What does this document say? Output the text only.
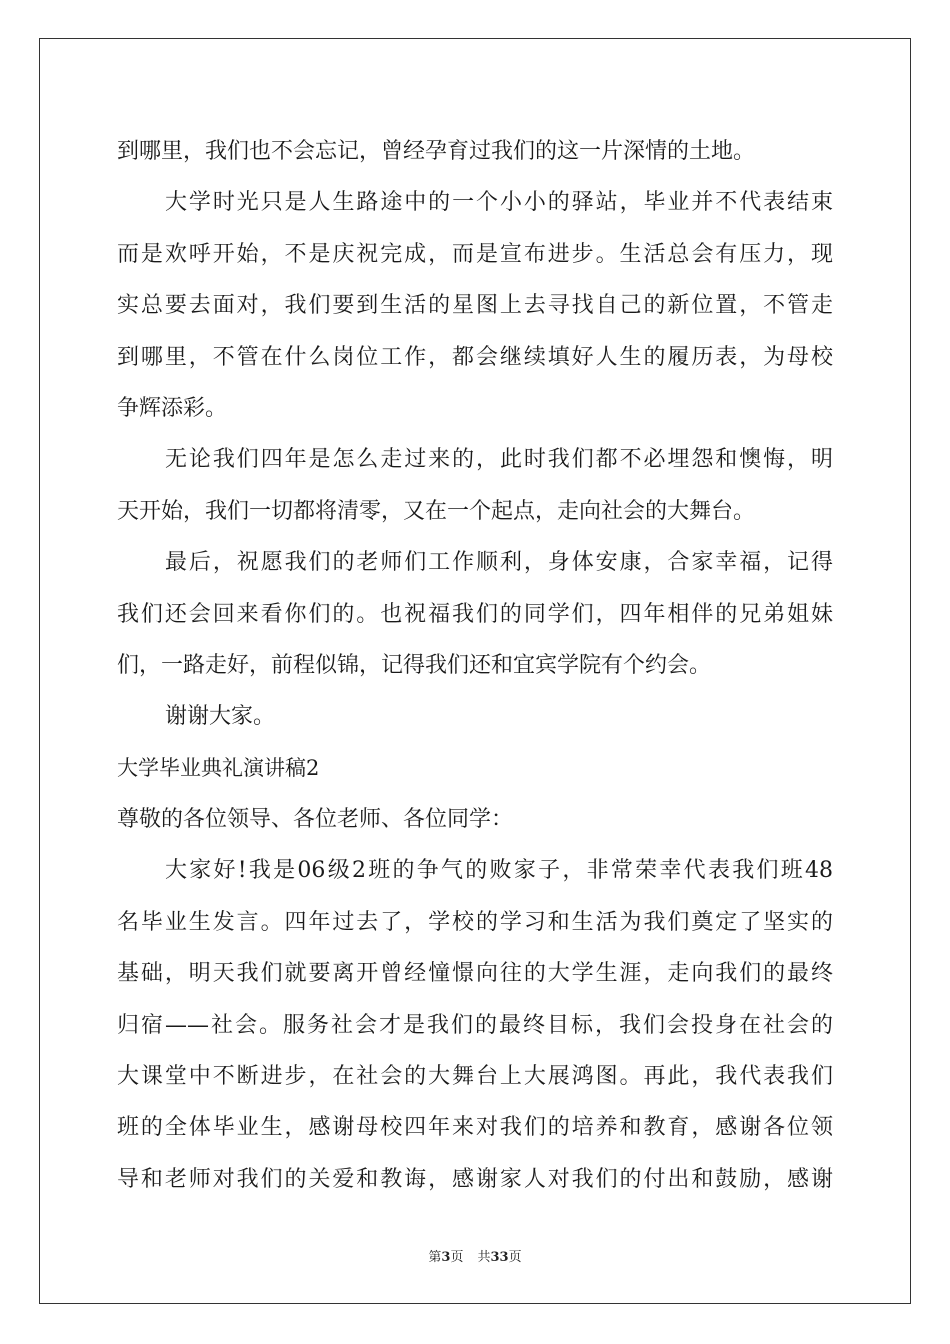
到哪里，我们也不会忘记，曾经孕育过我们的这一片深情的土地。
大学时光只是人生路途中的一个小小的驿站，毕业并不代表结束
而是欢呼开始，不是庆祝完成，而是宣布进步。生活总会有压力，现
实总要去面对，我们要到生活的星图上去寻找自己的新位置，不管走
到哪里，不管在什么岗位工作，都会继续填好人生的履历表，为母校
争辉添彩。
无论我们四年是怎么走过来的，此时我们都不必埋怨和懊悔，明
天开始，我们一切都将清零，又在一个起点，走向社会的大舞台。
最后，祝愿我们的老师们工作顺利，身体安康，合家幸福，记得
我们还会回来看你们的。也祝福我们的同学们，四年相伴的兄弟姐妹
们，一路走好，前程似锦，记得我们还和宜宾学院有个约会。
谢谢大家。
大学毕业典礼演讲稿2
尊敬的各位领导、各位老师、各位同学：
大家好!我是06级2班的争气的败家子，非常荣幸代表我们班48
名毕业生发言。四年过去了，学校的学习和生活为我们奠定了坚实的
基础，明天我们就要离开曾经憧憬向往的大学生涯，走向我们的最终
归宿——社会。服务社会才是我们的最终目标，我们会投身在社会的
大课堂中不断进步，在社会的大舞台上大展鸿图。再此，我代表我们
班的全体毕业生，感谢母校四年来对我们的培养和教育，感谢各位领
导和老师对我们的关爱和教诲，感谢家人对我们的付出和鼓励，感谢
第3页 共33页
